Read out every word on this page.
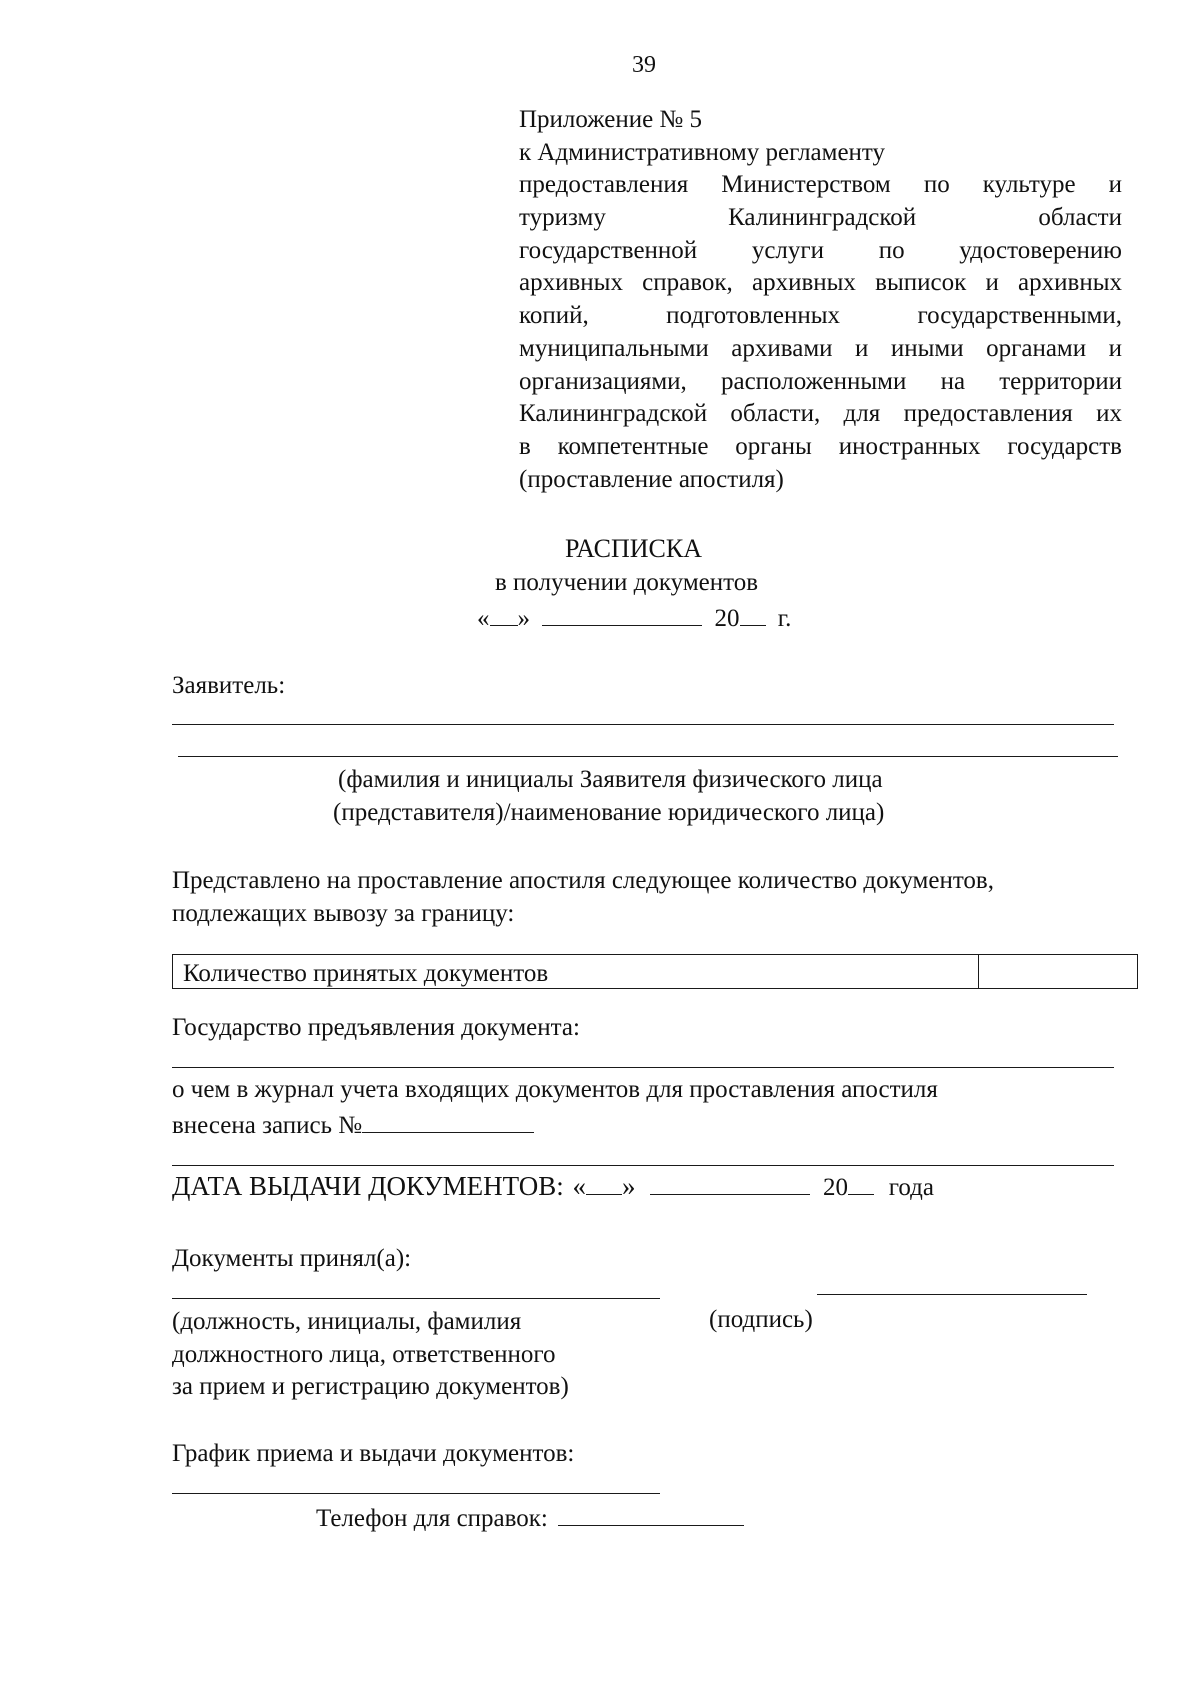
39
Приложение № 5
к Административному регламенту
предоставления Министерством по культуре и
туризму Калининградской области
государственной услуги по удостоверению
архивных справок, архивных выписок и архивных
копий, подготовленных государственными,
муниципальными архивами и иными органами и
организациями, расположенными на территории
Калининградской области, для предоставления их
в компетентные органы иностранных государств
(проставление апостиля)
РАСПИСКА
в получении документов
« »	20 г.
Заявитель:
(фамилия и инициалы Заявителя физического лица
(представителя)/наименование юридического лица)
Представлено на проставление апостиля следующее количество документов,
подлежащих вывозу за границу:
Количество принятых документов	
Государство предъявления документа:
о чем в журнал учета входящих документов для проставления апостиля
внесена запись №
ДАТА ВЫДАЧИ ДОКУМЕНТОВ: « »	20 года
Документы принял(а):
(должность, инициалы, фамилия
должностного лица, ответственного
за прием и регистрацию документов)
(подпись)
График приема и выдачи документов:
Телефон для справок:
